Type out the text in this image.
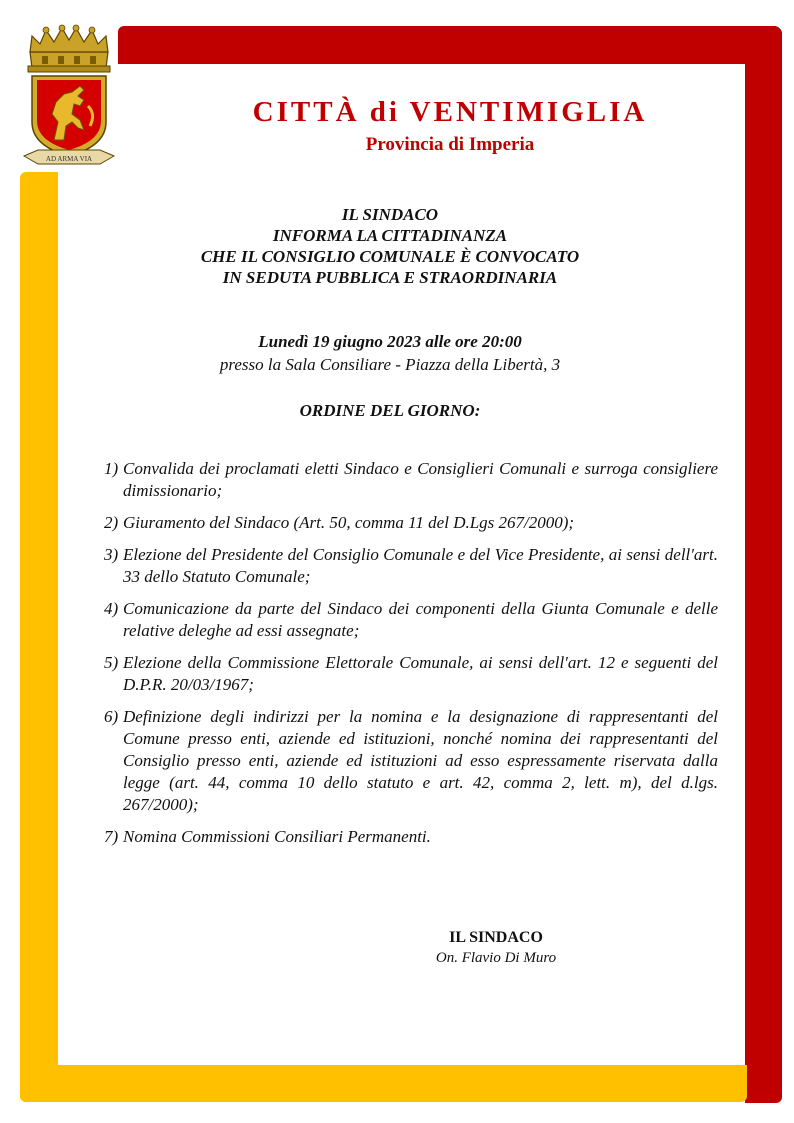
AD ARMA VIA
CITTÀ di VENTIMIGLIA
Provincia di Imperia
IL SINDACO
INFORMA LA CITTADINANZA
CHE IL CONSIGLIO COMUNALE È CONVOCATO
IN SEDUTA PUBBLICA E STRAORDINARIA
Lunedì 19 giugno 2023 alle ore 20:00
presso la Sala Consiliare - Piazza della Libertà, 3
ORDINE DEL GIORNO:
1) Convalida dei proclamati eletti Sindaco e Consiglieri Comunali e surroga consigliere dimissionario;
2) Giuramento del Sindaco (Art. 50, comma 11 del D.Lgs 267/2000);
3) Elezione del Presidente del Consiglio Comunale e del Vice Presidente, ai sensi dell'art. 33 dello Statuto Comunale;
4) Comunicazione da parte del Sindaco dei componenti della Giunta Comunale e delle relative deleghe ad essi assegnate;
5) Elezione della Commissione Elettorale Comunale, ai sensi dell'art. 12 e seguenti del D.P.R. 20/03/1967;
6) Definizione degli indirizzi per la nomina e la designazione di rappresentanti del Comune presso enti, aziende ed istituzioni, nonché nomina dei rappresentanti del Consiglio presso enti, aziende ed istituzioni ad esso espressamente riservata dalla legge (art. 44, comma 10 dello statuto e art. 42, comma 2, lett. m), del d.lgs. 267/2000);
7) Nomina Commissioni Consiliari Permanenti.
IL SINDACO
On. Flavio Di Muro
